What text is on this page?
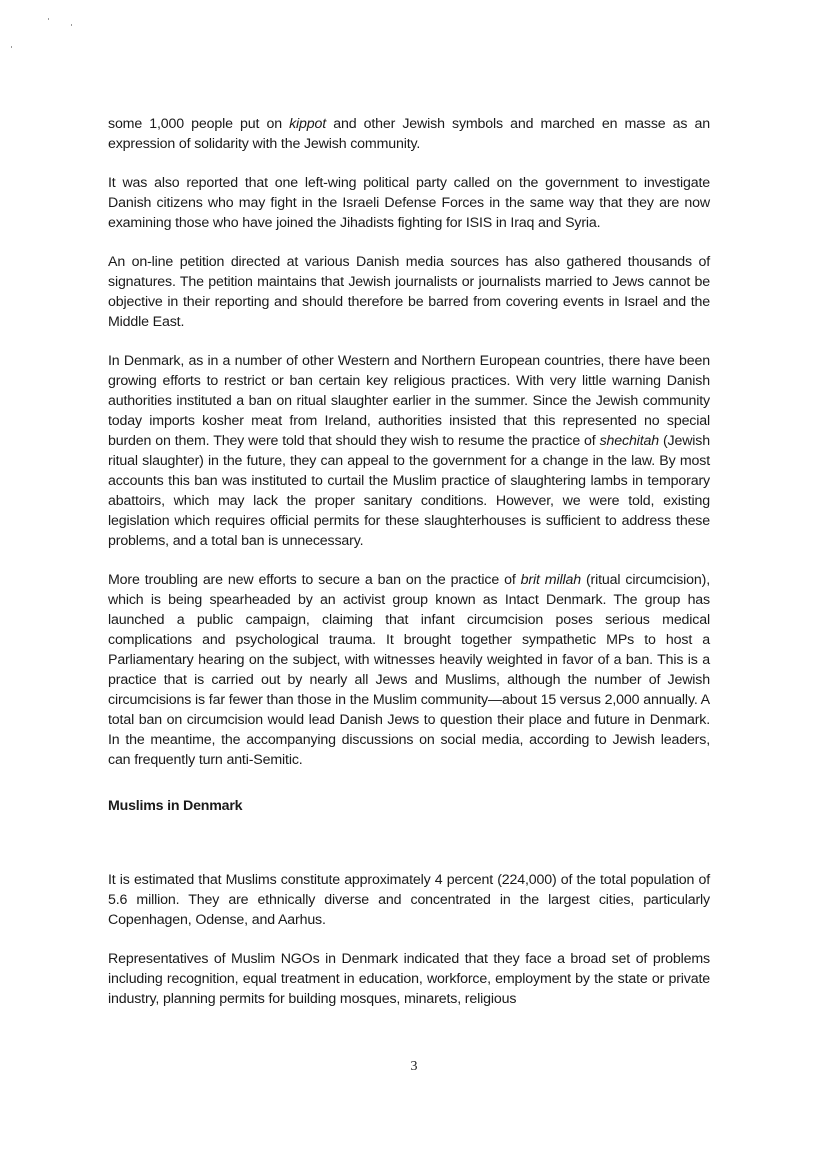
some 1,000 people put on kippot and other Jewish symbols and marched en masse as an expression of solidarity with the Jewish community.

It was also reported that one left-wing political party called on the government to investigate Danish citizens who may fight in the Israeli Defense Forces in the same way that they are now examining those who have joined the Jihadists fighting for ISIS in Iraq and Syria.

An on-line petition directed at various Danish media sources has also gathered thousands of signatures. The petition maintains that Jewish journalists or journalists married to Jews cannot be objective in their reporting and should therefore be barred from covering events in Israel and the Middle East.

In Denmark, as in a number of other Western and Northern European countries, there have been growing efforts to restrict or ban certain key religious practices. With very little warning Danish authorities instituted a ban on ritual slaughter earlier in the summer. Since the Jewish community today imports kosher meat from Ireland, authorities insisted that this represented no special burden on them. They were told that should they wish to resume the practice of shechitah (Jewish ritual slaughter) in the future, they can appeal to the government for a change in the law. By most accounts this ban was instituted to curtail the Muslim practice of slaughtering lambs in temporary abattoirs, which may lack the proper sanitary conditions. However, we were told, existing legislation which requires official permits for these slaughterhouses is sufficient to address these problems, and a total ban is unnecessary.

More troubling are new efforts to secure a ban on the practice of brit millah (ritual circumcision), which is being spearheaded by an activist group known as Intact Denmark. The group has launched a public campaign, claiming that infant circumcision poses serious medical complications and psychological trauma. It brought together sympathetic MPs to host a Parliamentary hearing on the subject, with witnesses heavily weighted in favor of a ban. This is a practice that is carried out by nearly all Jews and Muslims, although the number of Jewish circumcisions is far fewer than those in the Muslim community—about 15 versus 2,000 annually. A total ban on circumcision would lead Danish Jews to question their place and future in Denmark. In the meantime, the accompanying discussions on social media, according to Jewish leaders, can frequently turn anti-Semitic.

Muslims in Denmark

It is estimated that Muslims constitute approximately 4 percent (224,000) of the total population of 5.6 million. They are ethnically diverse and concentrated in the largest cities, particularly Copenhagen, Odense, and Aarhus.

Representatives of Muslim NGOs in Denmark indicated that they face a broad set of problems including recognition, equal treatment in education, workforce, employment by the state or private industry, planning permits for building mosques, minarets, religious

3
